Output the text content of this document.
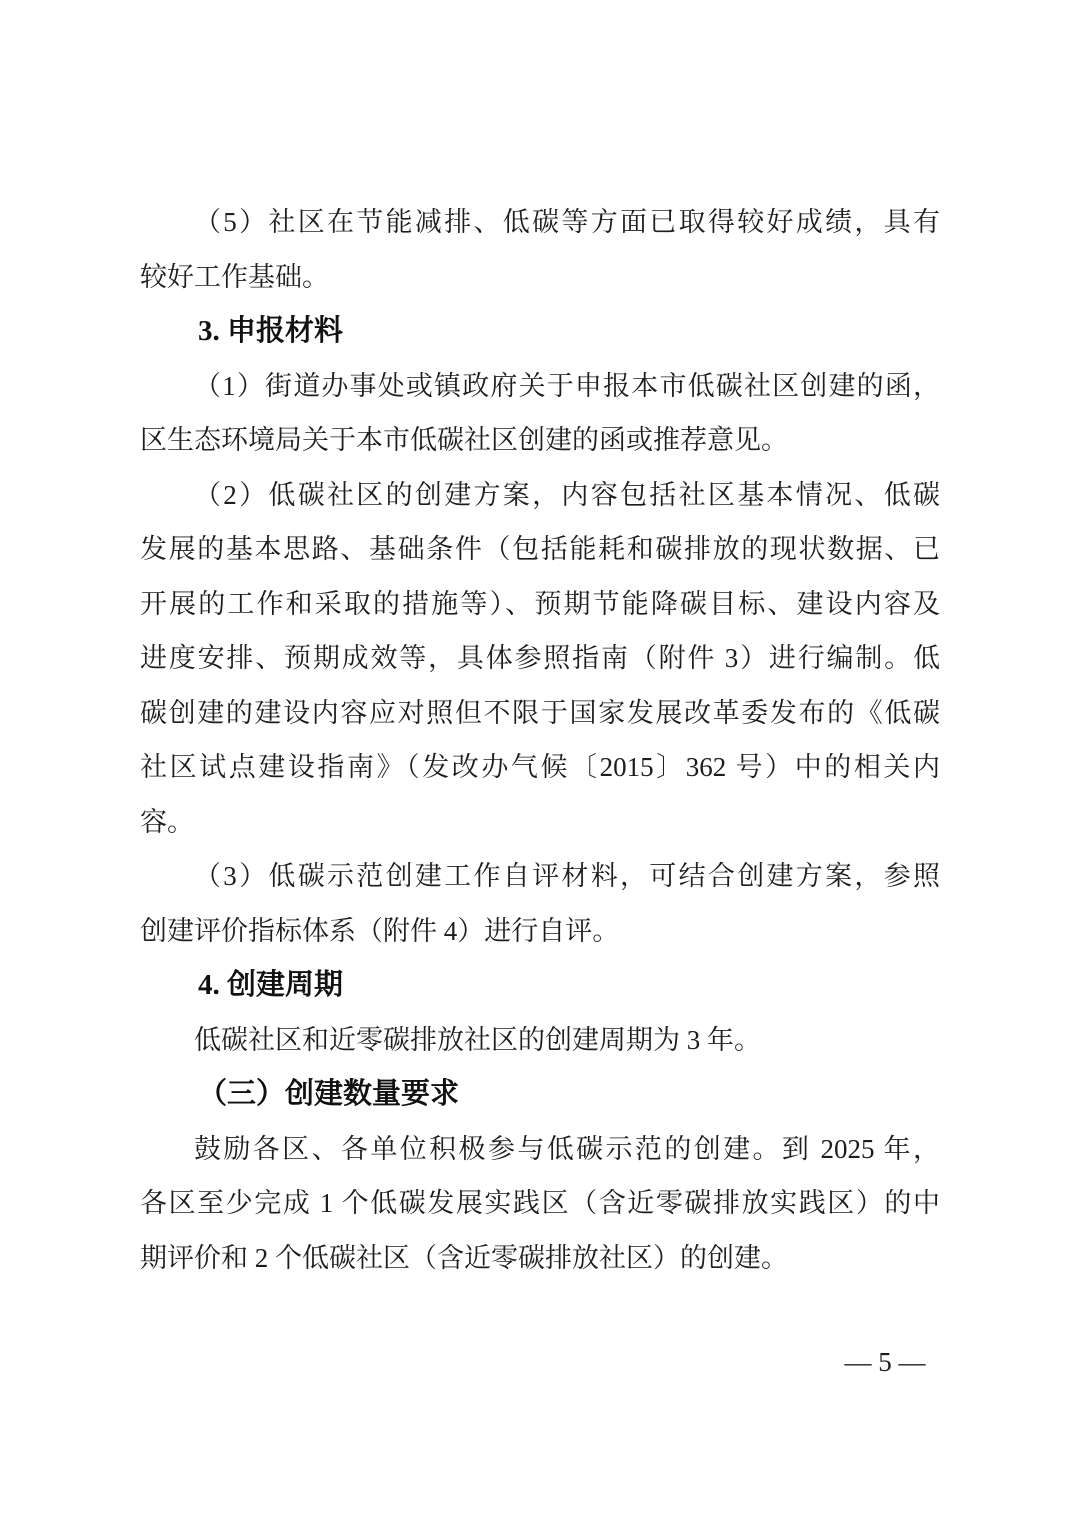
（5）社区在节能减排、低碳等方面已取得较好成绩，具有
较好工作基础。
3. 申报材料
（1）街道办事处或镇政府关于申报本市低碳社区创建的函，
区生态环境局关于本市低碳社区创建的函或推荐意见。
（2）低碳社区的创建方案，内容包括社区基本情况、低碳
发展的基本思路、基础条件（包括能耗和碳排放的现状数据、已
开展的工作和采取的措施等）、预期节能降碳目标、建设内容及
进度安排、预期成效等，具体参照指南（附件 3）进行编制。低
碳创建的建设内容应对照但不限于国家发展改革委发布的《低碳
社区试点建设指南》（发改办气候〔2015〕362 号）中的相关内
容。
（3）低碳示范创建工作自评材料，可结合创建方案，参照
创建评价指标体系（附件 4）进行自评。
4. 创建周期
低碳社区和近零碳排放社区的创建周期为 3 年。
（三）创建数量要求
鼓励各区、各单位积极参与低碳示范的创建。到 2025 年，
各区至少完成 1 个低碳发展实践区（含近零碳排放实践区）的中
期评价和 2 个低碳社区（含近零碳排放社区）的创建。
— 5 —
